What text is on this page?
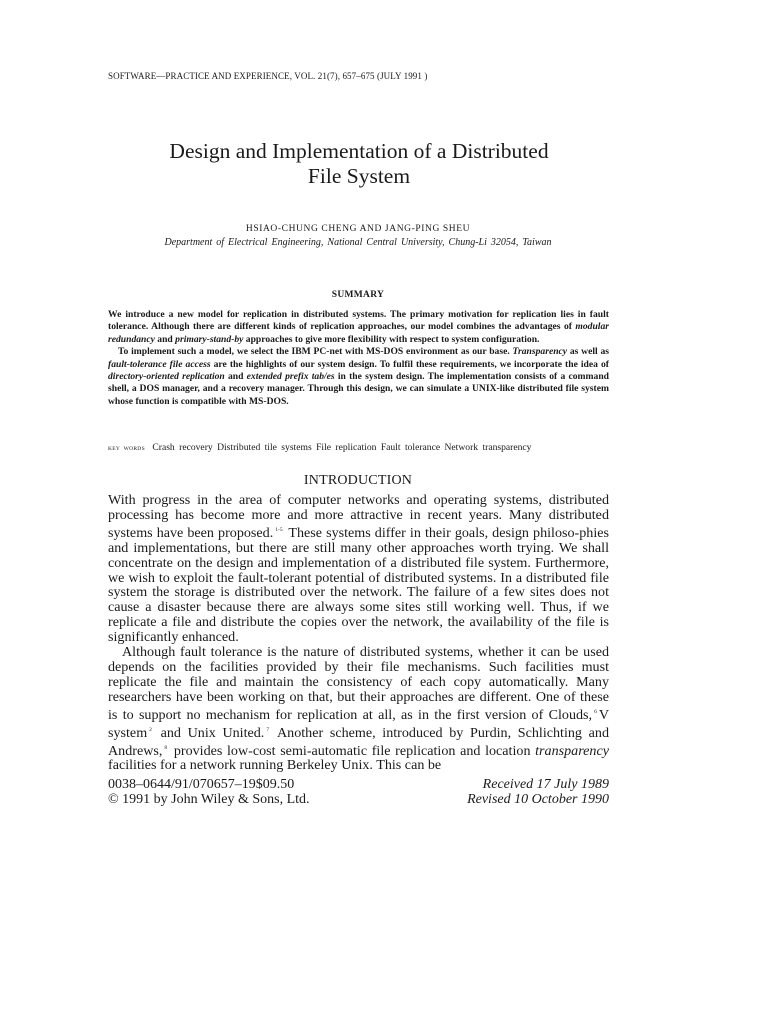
SOFTWARE—PRACTICE AND EXPERIENCE, VOL. 21(7), 657–675 (JULY 1991 )
Design and Implementation of a Distributed
File System
HSIAO-CHUNG CHENG AND JANG-PING SHEU
Department of Electrical Engineering, National Central University, Chung-Li 32054, Taiwan
SUMMARY

We introduce a new model for replication in distributed systems. The primary motivation for replication lies in fault tolerance. Although there are different kinds of replication approaches, our model combines the advantages of modular redundancy and primary-stand-by approaches to give more flexibility with respect to system configuration.

To implement such a model, we select the IBM PC-net with MS-DOS environment as our base. Transparency as well as fault-tolerance file access are the highlights of our system design. To fulfil these requirements, we incorporate the idea of directory-oriented replication and extended prefix tab/es in the system design. The implementation consists of a command shell, a DOS manager, and a recovery manager. Through this design, we can simulate a UNIX-like distributed file system whose function is compatible with MS-DOS.

KEY WORDS Crash recovery Distributed tile systems File replication Fault tolerance Network transparency
INTRODUCTION

With progress in the area of computer networks and operating systems, distributed processing has become more and more attractive in recent years. Many distributed systems have been proposed. $^{1-5}$ These systems differ in their goals, design philoso-phies and implementations, but there are still many other approaches worth trying. We shall concentrate on the design and implementation of a distributed file system. Furthermore, we wish to exploit the fault-tolerant potential of distributed systems. In a distributed file system the storage is distributed over the network. The failure of a few sites does not cause a disaster because there are always some sites still working well. Thus, if we replicate a file and distribute the copies over the network, the availability of the file is significantly enhanced.

Although fault tolerance is the nature of distributed systems, whether it can be used depends on the facilities provided by their file mechanisms. Such facilities must replicate the file and maintain the consistency of each copy automatically. Many researchers have been working on that, but their approaches are different. One of these is to support no mechanism for replication at all, as in the first version of Clouds, $^6$ V system $^2$ and Unix United. $^7$ Another scheme, introduced by Purdin, Schlichting and Andrews, $^8$ provides low-cost semi-automatic file replication and location transparency facilities for a network running Berkeley Unix. This can be

0038–0644/91/070657–19$09.50	Received 17 July 1989
© 1991 by John Wiley & Sons, Ltd.	Revised 10 October 1990
